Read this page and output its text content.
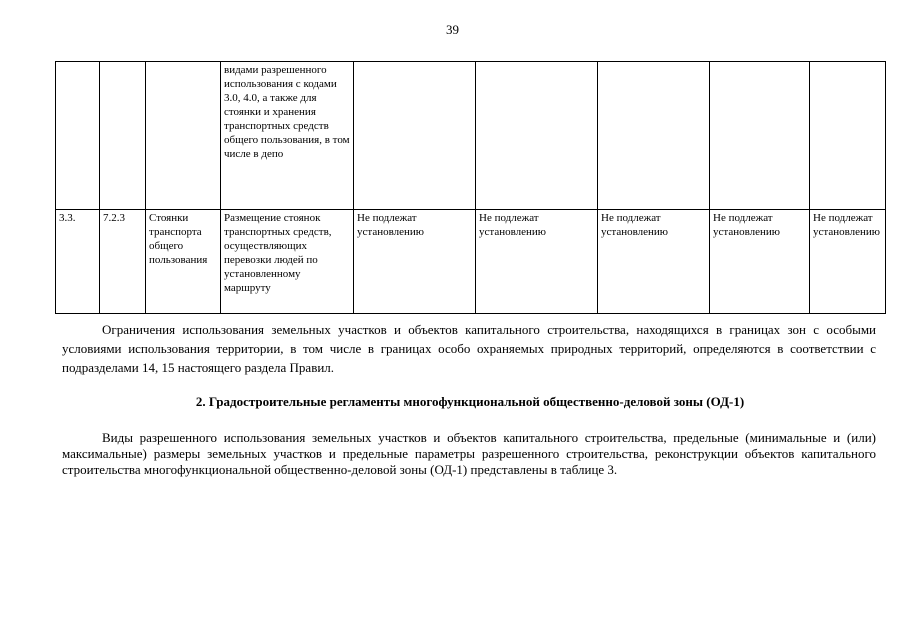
39
			видами разрешенного использования с кодами 3.0, 4.0, а также для стоянки и хранения транспортных средств общего пользования, в том числе в депо					
3.3.	7.2.3	Стоянки транспорта общего пользования	Размещение стоянок транспортных средств, осуществляющих перевозки людей по установленному маршруту	Не подлежат установлению	Не подлежат установлению	Не подлежат установлению	Не подлежат установлению	Не подлежат установлению

Ограничения использования земельных участков и объектов капитального строительства, находящихся в границах зон с особыми условиями использования территории, в том числе в границах особо охраняемых природных территорий, определяются в соответствии с подразделами 14, 15 настоящего раздела Правил.

2. Градостроительные регламенты многофункциональной общественно-деловой зоны (ОД-1)

Виды разрешенного использования земельных участков и объектов капитального строительства, предельные (минимальные и (или) максимальные) размеры земельных участков и предельные параметры разрешенного строительства, реконструкции объектов капитального строительства многофункциональной общественно-деловой зоны (ОД-1) представлены в таблице 3.
